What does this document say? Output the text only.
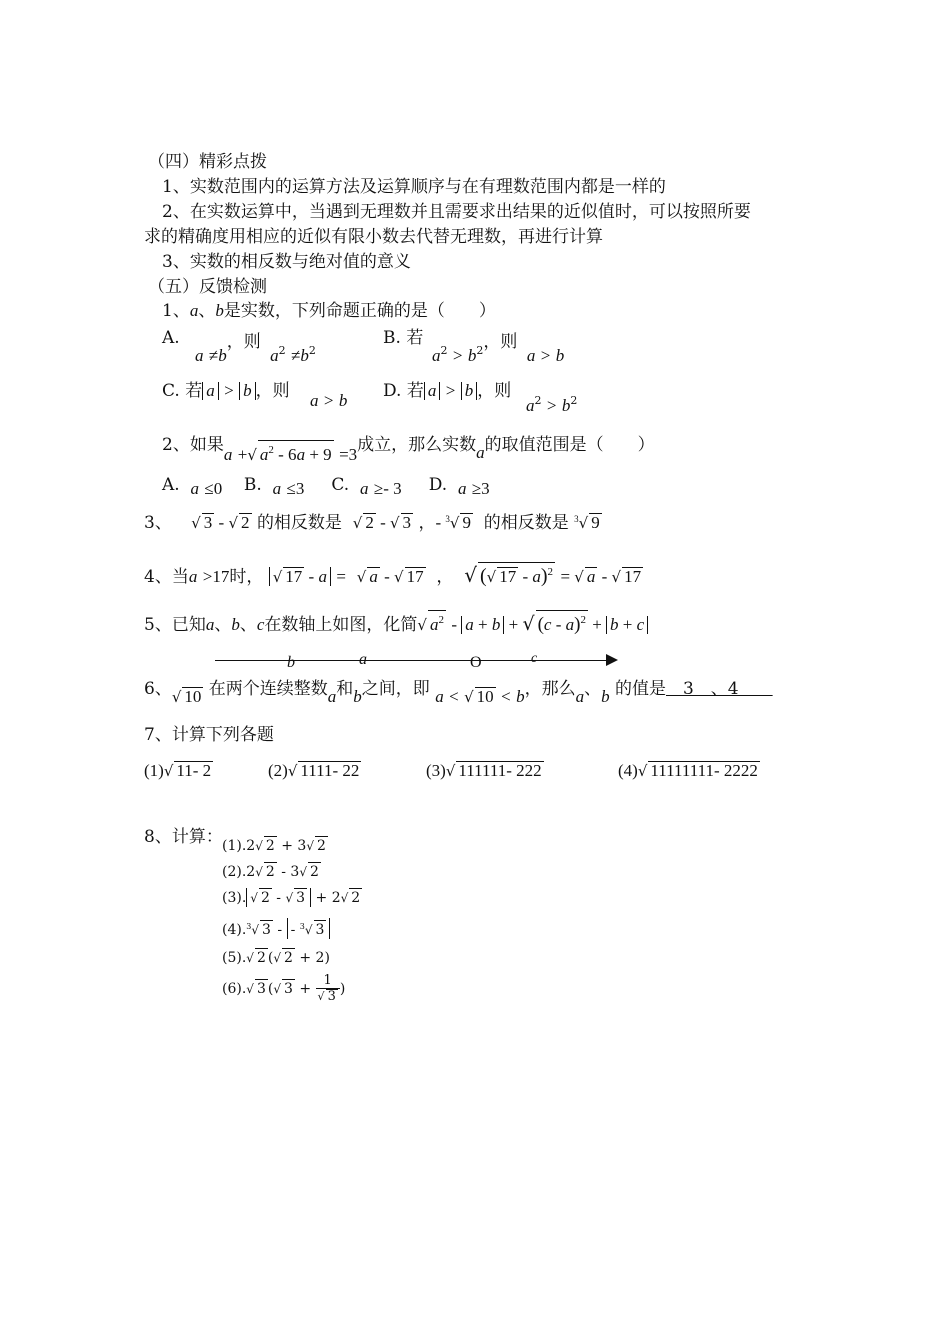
（四）精彩点拨
1、实数范围内的运算方法及运算顺序与在有理数范围内都是一样的
2、在实数运算中，当遇到无理数并且需要求出结果的近似值时，可以按照所要
求的精确度用相应的近似有限小数去代替无理数，再进行计算
3、实数的相反数与绝对值的意义
（五）反馈检测
1、a、b是实数，下列命题正确的是（　　）
A.
a ≠b，则 $a^2 \ne b^2$
B. 若
$a^2 > b^2$，则 a > b
C. 若 a > b ，则 a > b D. 若 a > b ，则
$a^2 > b^2$
2、如果a +√ $a^2 - 6a + 9 =3$成立，那么实数a的取值范围是（　　）
A. a ≤0 B. a ≤3 C. a ≥- 3 D. a ≥3
3、 √ 3 - √ 2 的相反数是 √ 2 - √ 3 ，- $^3$√ 9 的相反数是 $^3$√ 9
4、当a >17时， √ 17 - a = √ a - √ 17 ， √ (√ 17 - a)$^2$ = √ a - √ 17
5、已知a、b、c在数轴上如图，化简√ $a^2 - a + b$ + √ (c - a)$^2$ + b + c
b	a	O	c
6、√ 10 在两个连续整数a和b之间，即 a < √ 10 < b，那么a、b 的值是　3　、4　　
7、计算下列各题
(1)√ 11- 2	(2)√ 1111- 22	(3)√ 111111- 222	(4)√ 11111111- 2222
8、计算： (1).2√ 2 + 3√ 2
(2).2√ 2 - 3√ 2
(3). √ 2 - √ 3 + 2√ 2
(4).$^3$√ 3 - - $^3$√ 3
(5).√ 2 (√ 2 + 2)
(6).√ 3 (√ $3 + \frac{1}{√ 3}$ )
